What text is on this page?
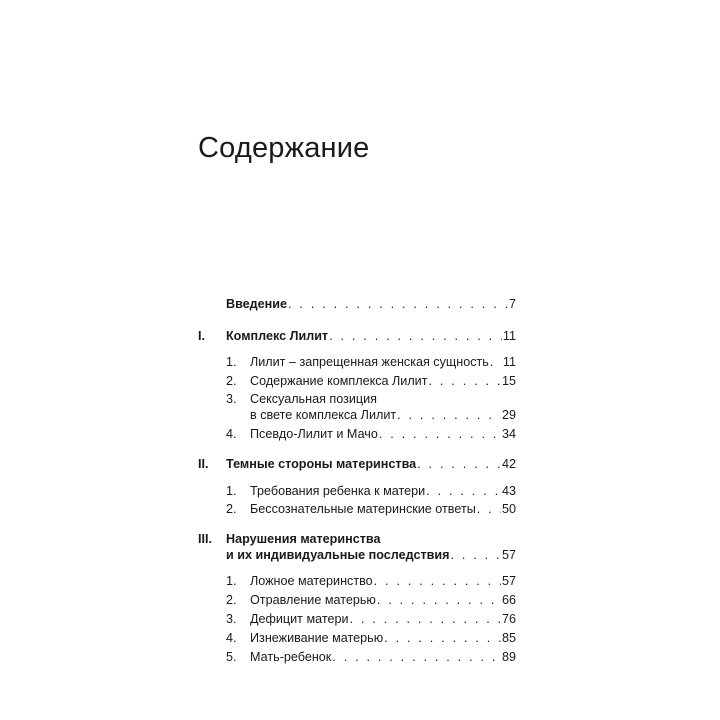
Содержание
Введение . . .	7
I. Комплекс Лилит . . .	11
1. Лилит – запрещенная женская сущность . . . 11
2. Содержание комплекса Лилит . . .	15
3. Сексуальная позиция
в свете комплекса Лилит . . .	29
4. Псевдо-Лилит и Мачо . . .	34
II. Темные стороны материнства . . .	42
1. Требования ребенка к матери . . .	43
2. Бессознательные материнские ответы . . . 50
III. Нарушения материнства
и их индивидуальные последствия . . .	57
1. Ложное материнство . . .	57
2. Отравление матерью . . .	66
3. Дефицит матери . . .	76
4. Изнеживание матерью . . .	85
5. Мать-ребенок . . .	89
